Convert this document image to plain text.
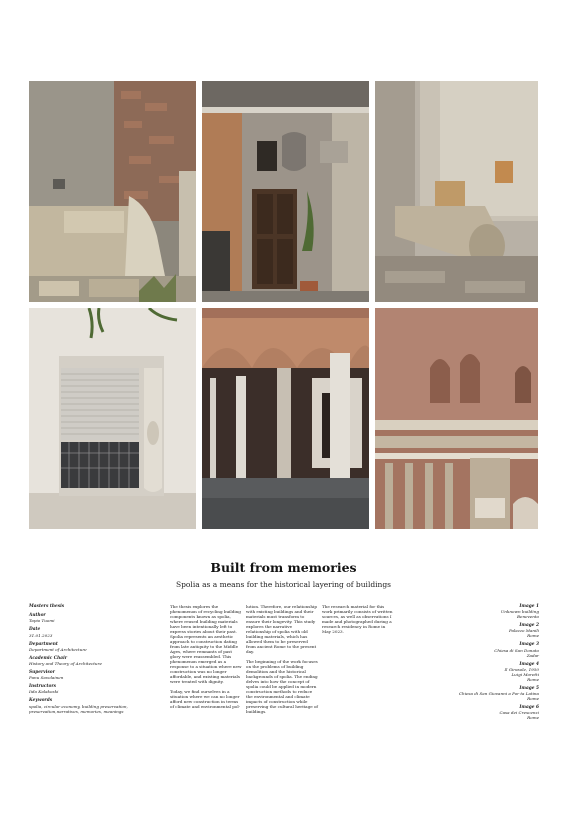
Built from memories
Spolia as a means for the historical layering of buildings
Masters thesis
Author
Tapio Tuomi
Date
31.01.2023
Department
Department of Architecture
Academic Chair
History and Theory of Architecture
Supervisor
Panu Savolainen
Instructors
Iida Kalakoski
Keywords
spolia, circular economy, building preservation, preservation,narratives, memories, meanings

The thesis explores the phenomenon of recycling building components known as spolia, where reused building materials have been intentionally left to express stories about their past. Spolia represents an aesthetic approach to construction dating from late antiquity to the Middle Ages, where remnants of past glory were reassembled. This phenomenon emerged as a response to a situation where new construction was no longer affordable, and existing materials were treated with dignity.

Today, we find ourselves in a situation where we can no longer afford new construction in terms of climate and environmental pol-

lution. Therefore, our relationship with existing buildings and their materials must transform to ensure their longevity. This study explores the narrative relationship of spolia with old building materials, which has allowed them to be preserved from ancient Rome to the present day.

The beginning of the work focuses on the problems of building demolition and the historical backgrounds of spolia. The ending delves into how the concept of spolia could be applied in modern construction methods to reduce the environmental and climate impacts of construction while preserving the cultural heritage of buildings.

The research material for this work primarily consists of written sources, as well as observations I made and photographed during a research residency in Rome in May 2023.

Image 1
Unknown building
Benevento
Image 2
Palazzo Manili
Rome
Image 3
Chiesa di San Donato
Zadar
Image 4
Il Girasole, 1950
Luigi Moretti
Rome
Image 5
Chiesa di San Giovanni a Por ta Latina
Rome
Image 6
Casa dei Crescenzi
Rome
